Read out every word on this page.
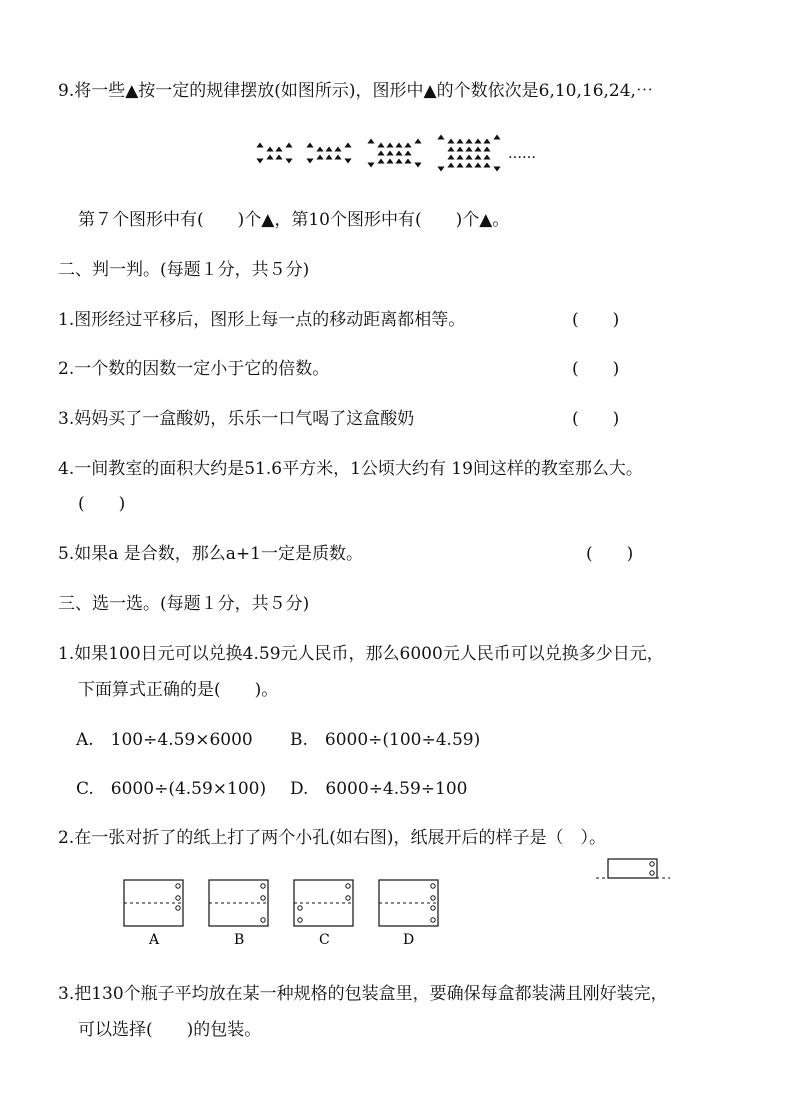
9.将一些▲按一定的规律摆放(如图所示)，图形中▲的个数依次是6,10,16,24,⋯
……
第７个图形中有(　　)个▲，第10个图形中有(　　)个▲。
二、判一判。(每题１分，共５分)
1.图形经过平移后，图形上每一点的移动距离都相等。	(　　)
2.一个数的因数一定小于它的倍数。	(　　)
3.妈妈买了一盒酸奶，乐乐一口气喝了这盒酸奶	(　　)
4.一间教室的面积大约是51.6平方米，1公顷大约有 19间这样的教室那么大。
(　　)
5.如果a 是合数，那么a+1一定是质数。	(　　)
三、选一选。(每题１分，共５分)
1.如果100日元可以兑换4.59元人民币，那么6000元人民币可以兑换多少日元，
下面算式正确的是(　　)。
A.　100÷4.59×6000 B.　6000÷(100÷4.59)
C.　6000÷(4.59×100) D.　6000÷4.59÷100
2.在一张对折了的纸上打了两个小孔(如右图)，纸展开后的样子是（　）。
A	B	C	D
3.把130个瓶子平均放在某一种规格的包装盒里，要确保每盒都装满且刚好装完，
可以选择(　　)的包装。
